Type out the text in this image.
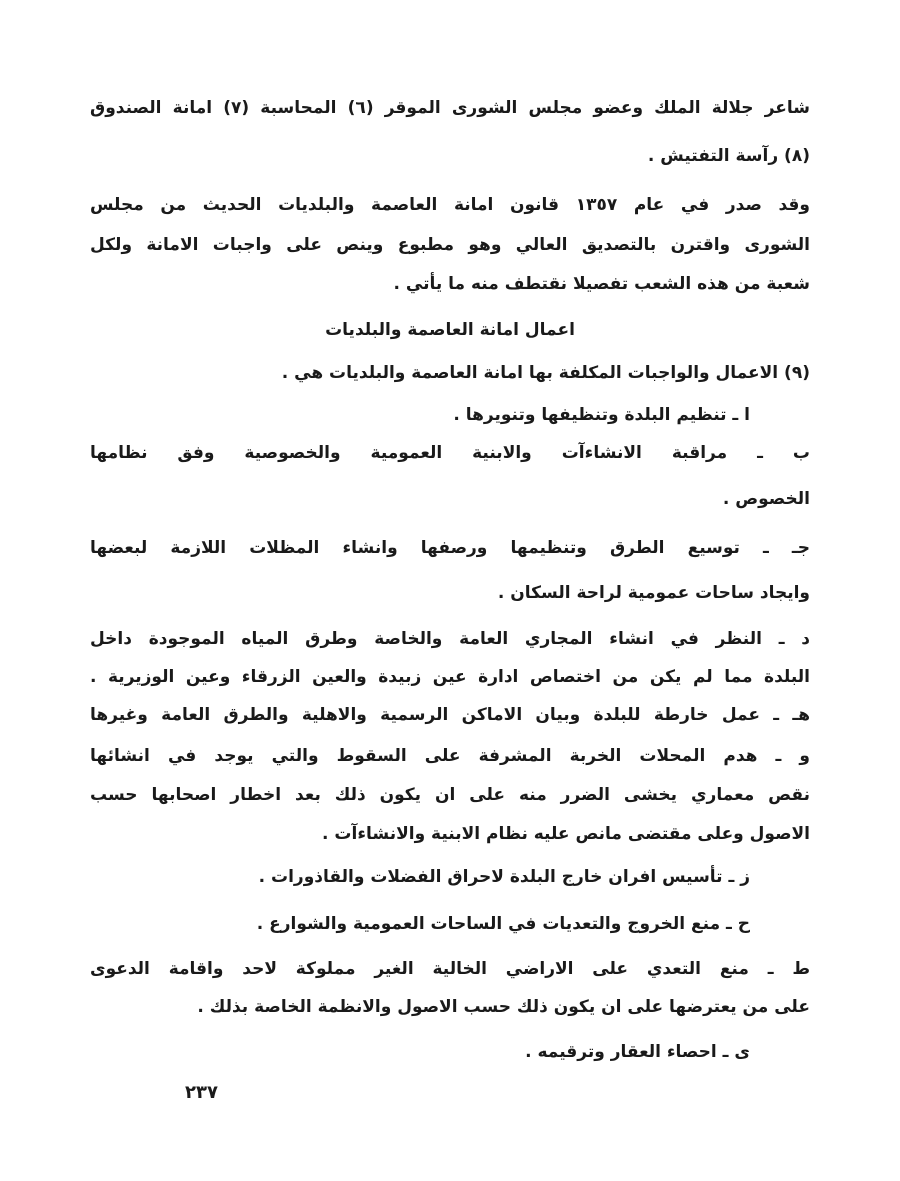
شاعر جلالة الملك وعضو مجلس الشورى الموقر (٦) المحاسبة (٧) امانة الصندوق

(٨) رآسة التفتيش .

وقد صدر في عام ١٣٥٧ قانون امانة العاصمة والبلديات الحديث من مجلس

الشورى واقترن بالتصديق العالي وهو مطبوع وينص على واجبات الامانة ولكل

شعبة من هذه الشعب تفصيلا نقتطف منه ما يأتي .

اعمال امانة العاصمة والبلديات

(٩) الاعمال والواجبات المكلفة بها امانة العاصمة والبلديات هي .

ا ـ تنظيم البلدة وتنظيفها وتنويرها .

ب ـ مراقبة الانشاءآت والابنية العمومية والخصوصية وفق نظامها

الخصوص .

جـ ـ توسيع الطرق وتنظيمها ورصفها وانشاء المظلات اللازمة لبعضها

وايجاد ساحات عمومية لراحة السكان .

د ـ النظر في انشاء المجاري العامة والخاصة وطرق المياه الموجودة داخل

البلدة مما لم يكن من اختصاص ادارة عين زبيدة والعين الزرقاء وعين الوزيرية .

هـ ـ عمل خارطة للبلدة وبيان الاماكن الرسمية والاهلية والطرق العامة وغيرها

و ـ هدم المحلات الخربة المشرفة على السقوط والتي يوجد في انشائها

نقص معماري يخشى الضرر منه على ان يكون ذلك بعد اخطار اصحابها حسب

الاصول وعلى مقتضى مانص عليه نظام الابنية والانشاءآت .

ز ـ تأسيس افران خارج البلدة لاحراق الفضلات والقاذورات .

ح ـ منع الخروج والتعديات في الساحات العمومية والشوارع .

ط ـ منع التعدي على الاراضي الخالية الغير مملوكة لاحد واقامة الدعوى

على من يعترضها على ان يكون ذلك حسب الاصول والانظمة الخاصة بذلك .

ى ـ احصاء العقار وترقيمه .

٢٣٧
